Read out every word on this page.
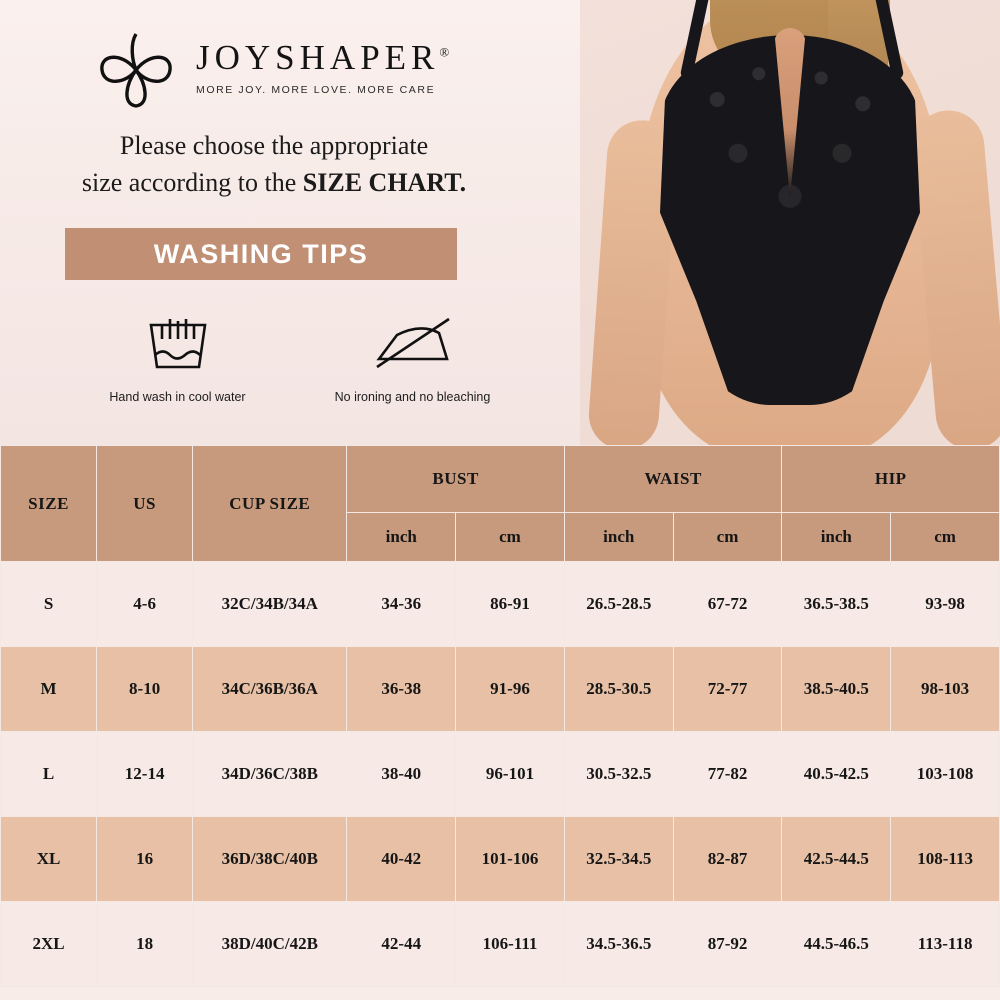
JOYSHAPER®
MORE JOY. MORE LOVE. MORE CARE
Please choose the appropriate
size according to the SIZE CHART.
WASHING TIPS
Hand wash in cool water	No ironing and no bleaching
SIZE	US	CUP SIZE	BUST		WAIST		HIP	
			inch	cm	inch	cm	inch	cm
S	4-6	32C/34B/34A	34-36	86-91	26.5-28.5	67-72	36.5-38.5	93-98
M	8-10	34C/36B/36A	36-38	91-96	28.5-30.5	72-77	38.5-40.5	98-103
L	12-14	34D/36C/38B	38-40	96-101	30.5-32.5	77-82	40.5-42.5	103-108
XL	16	36D/38C/40B	40-42	101-106	32.5-34.5	82-87	42.5-44.5	108-113
2XL	18	38D/40C/42B	42-44	106-111	34.5-36.5	87-92	44.5-46.5	113-118
